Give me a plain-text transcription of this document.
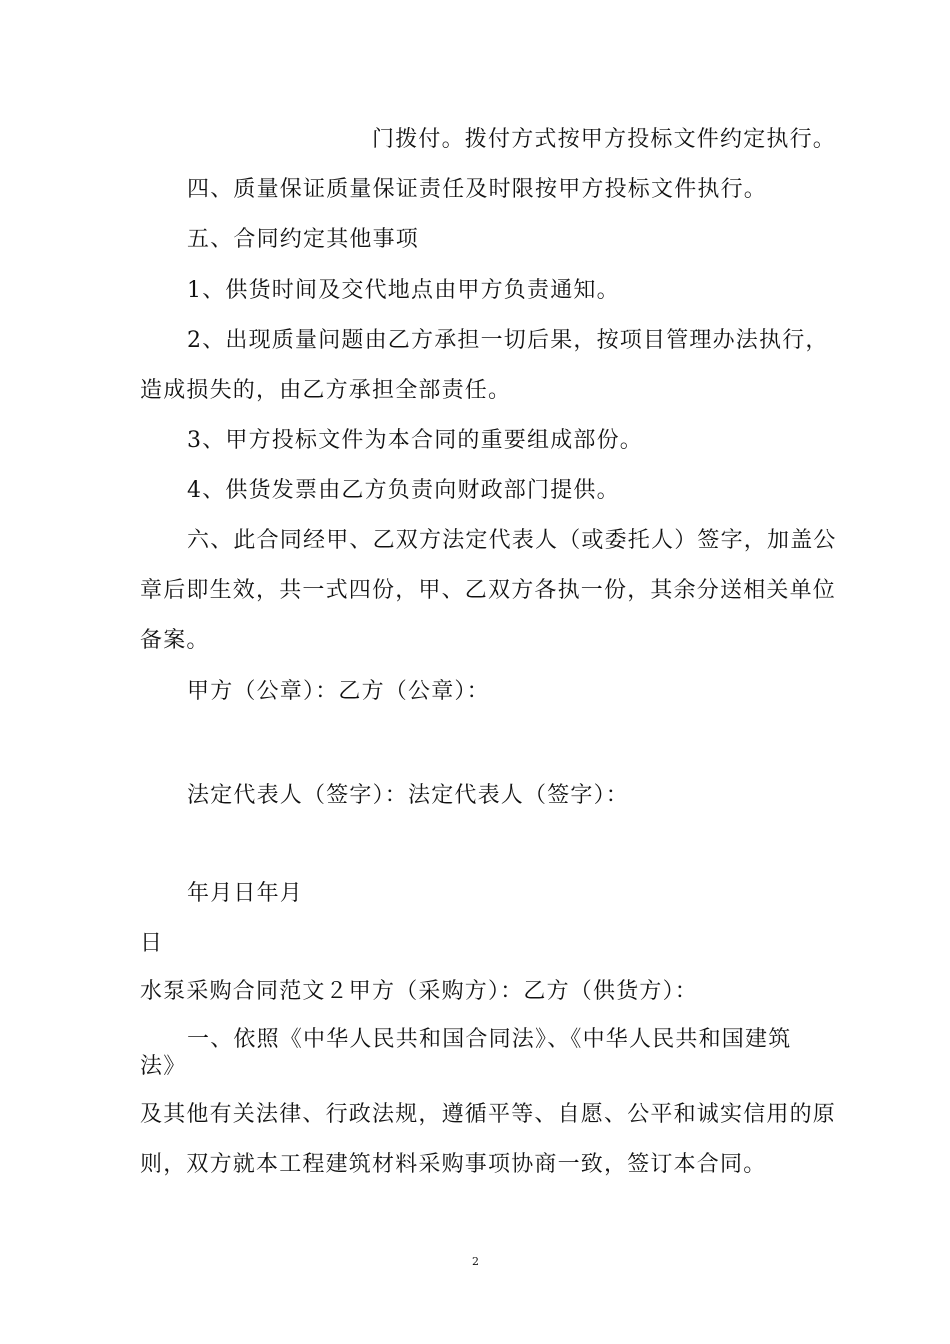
门拨付。拨付方式按甲方投标文件约定执行。
四、质量保证质量保证责任及时限按甲方投标文件执行。
五、合同约定其他事项
1、供货时间及交代地点由甲方负责通知。
2、出现质量问题由乙方承担一切后果，按项目管理办法执行，
造成损失的，由乙方承担全部责任。
3、甲方投标文件为本合同的重要组成部份。
4、供货发票由乙方负责向财政部门提供。
六、此合同经甲、乙双方法定代表人（或委托人）签字，加盖公
章后即生效，共一式四份，甲、乙双方各执一份，其余分送相关单位
备案。
甲方（公章）：乙方（公章）：
法定代表人（签字）：法定代表人（签字）：
年月日年月
日
水泵采购合同范文２甲方（采购方）：乙方（供货方）：
一、依照《中华人民共和国合同法》、《中华人民共和国建筑
法》
及其他有关法律、行政法规，遵循平等、自愿、公平和诚实信用的原
则，双方就本工程建筑材料采购事项协商一致，签订本合同。
2
